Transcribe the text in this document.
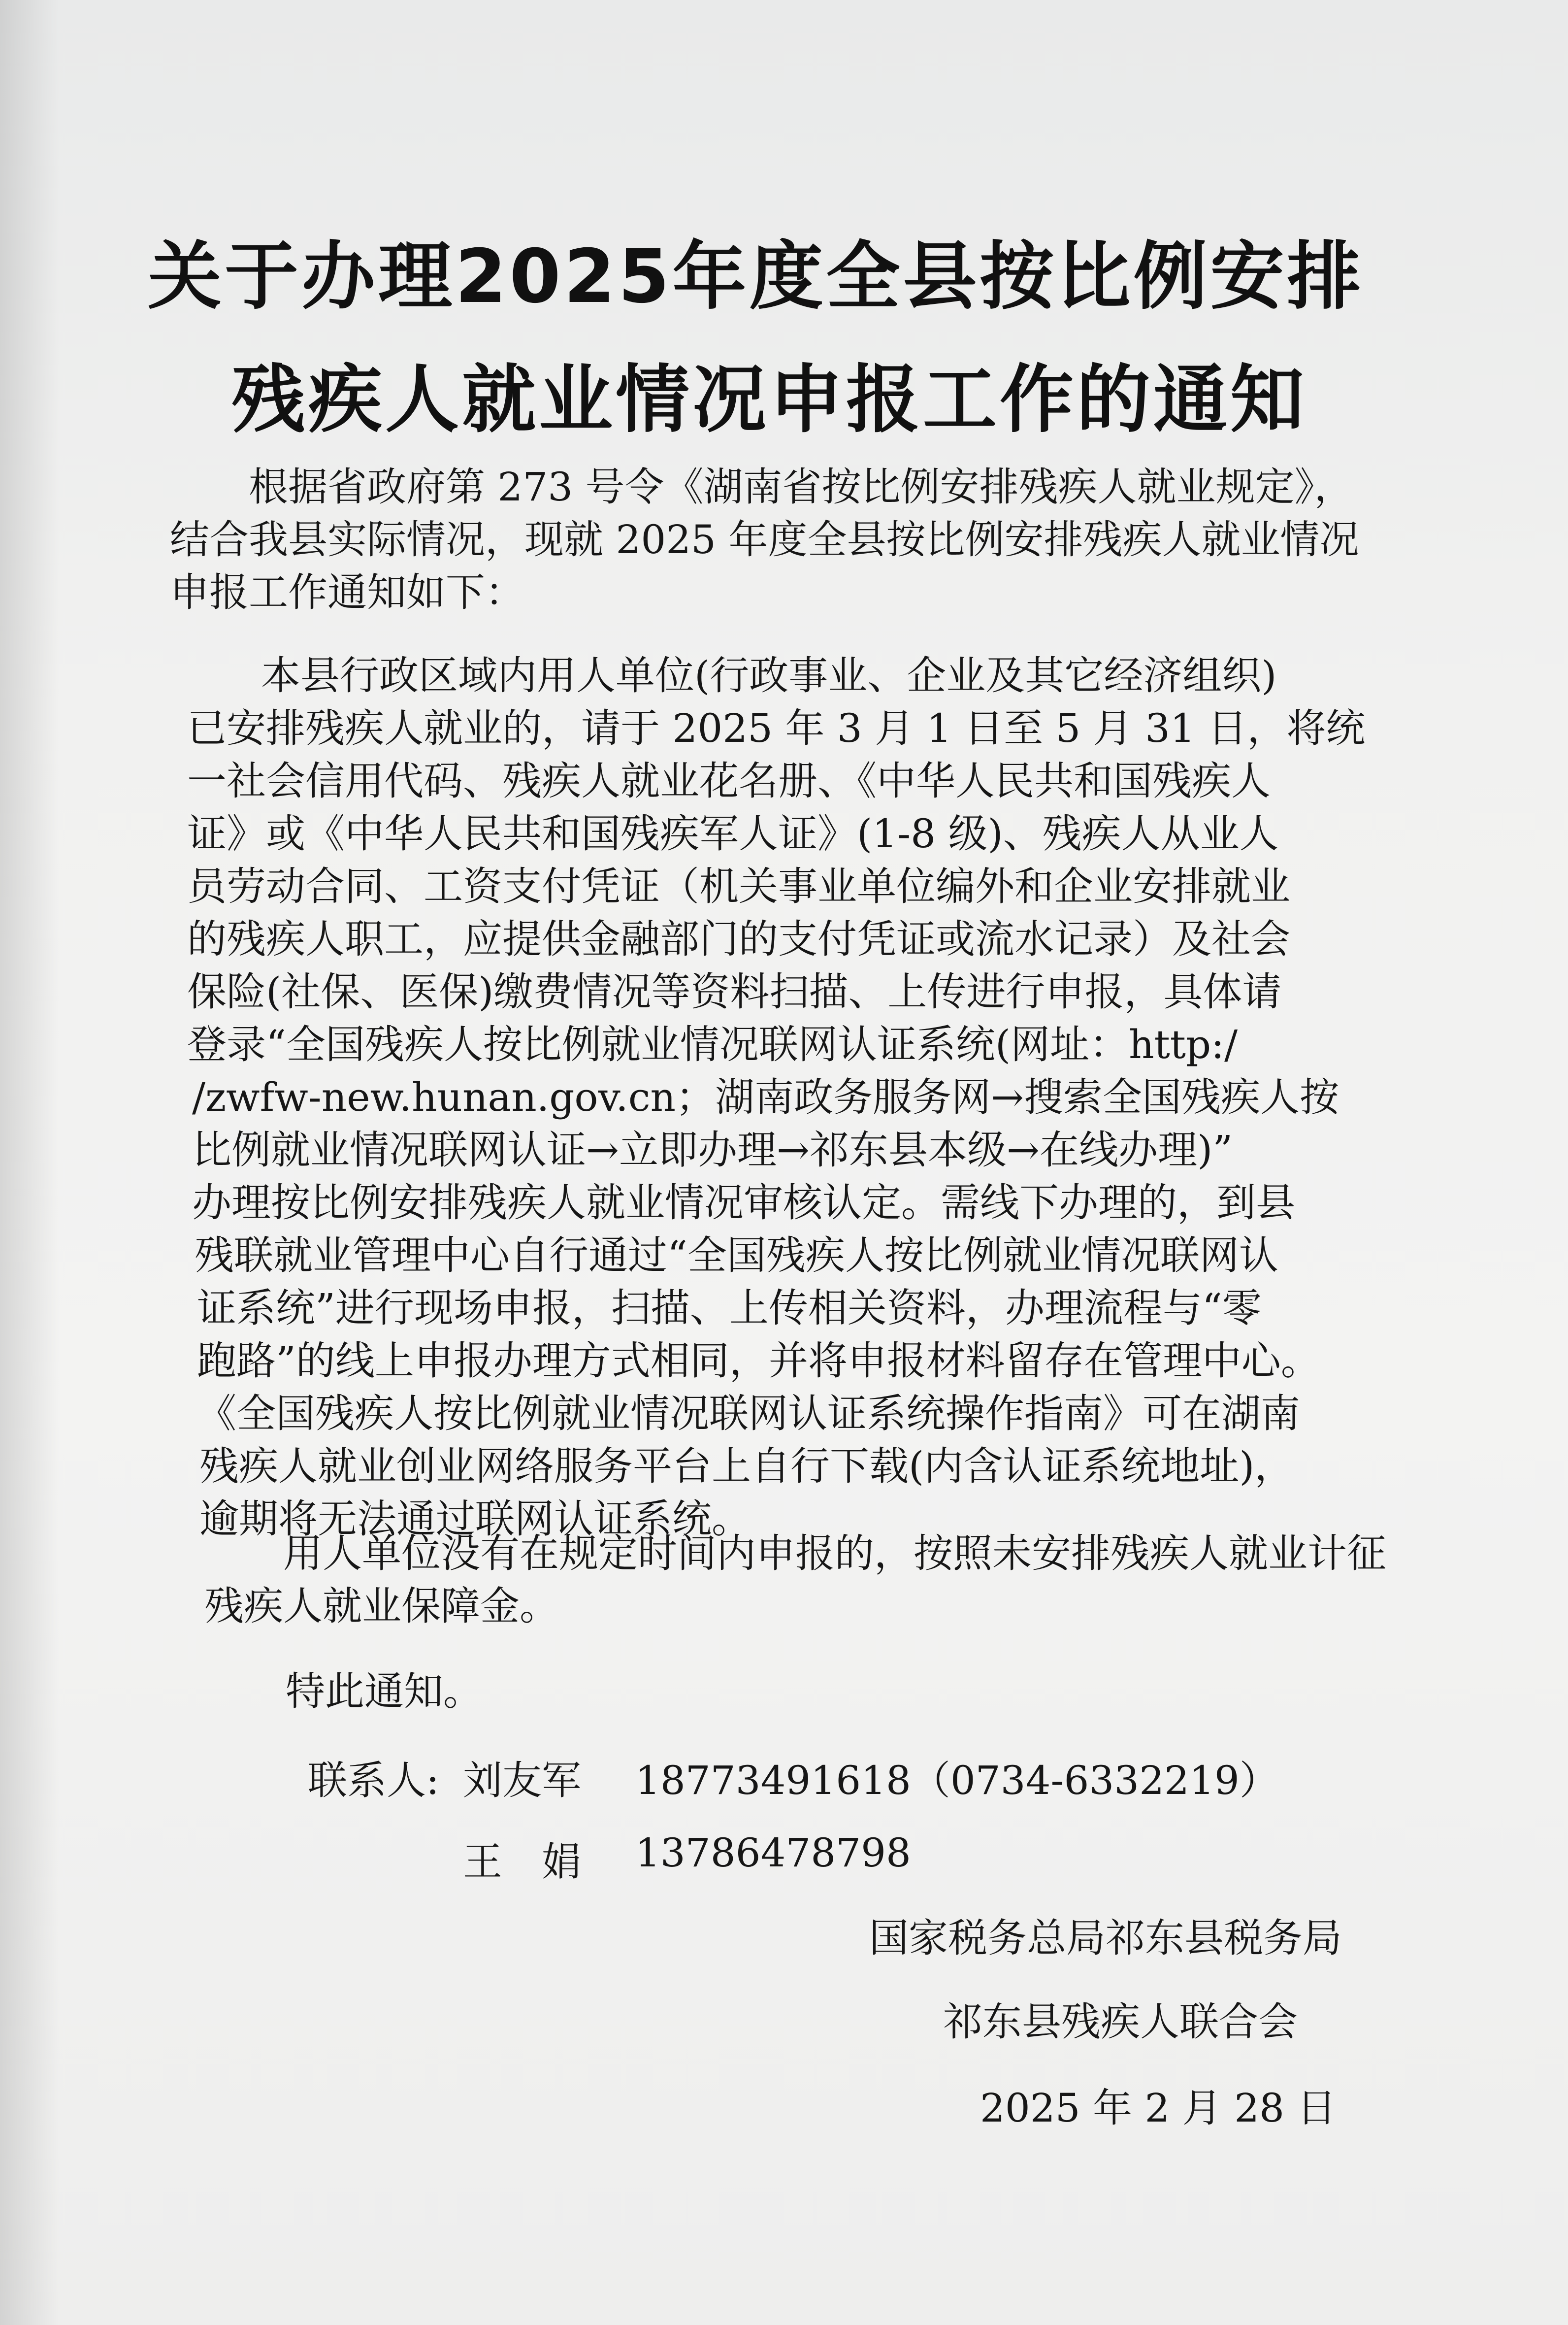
关于办理2025年度全县按比例安排
残疾人就业情况申报工作的通知
根据省政府第 273 号令《湖南省按比例安排残疾人就业规定》，
结合我县实际情况，现就 2025 年度全县按比例安排残疾人就业情况
申报工作通知如下：
本县行政区域内用人单位(行政事业、企业及其它经济组织)
已安排残疾人就业的，请于 2025 年 3 月 1 日至 5 月 31 日，将统
一社会信用代码、残疾人就业花名册、《中华人民共和国残疾人
证》或《中华人民共和国残疾军人证》(1-8 级)、残疾人从业人
员劳动合同、工资支付凭证（机关事业单位编外和企业安排就业
的残疾人职工，应提供金融部门的支付凭证或流水记录）及社会
保险(社保、医保)缴费情况等资料扫描、上传进行申报，具体请
登录“全国残疾人按比例就业情况联网认证系统(网址：http:/
/zwfw-new.hunan.gov.cn；湖南政务服务网→搜索全国残疾人按
比例就业情况联网认证→立即办理→祁东县本级→在线办理)”
办理按比例安排残疾人就业情况审核认定。需线下办理的，到县
残联就业管理中心自行通过“全国残疾人按比例就业情况联网认
证系统”进行现场申报，扫描、上传相关资料，办理流程与“零
跑路”的线上申报办理方式相同，并将申报材料留存在管理中心。
《全国残疾人按比例就业情况联网认证系统操作指南》可在湖南
残疾人就业创业网络服务平台上自行下载(内含认证系统地址)，
逾期将无法通过联网认证系统。
用人单位没有在规定时间内申报的，按照未安排残疾人就业计征
残疾人就业保障金。
特此通知。
联系人: 刘友军 18773491618（0734-6332219）
王　娟 13786478798
国家税务总局祁东县税务局
祁东县残疾人联合会
2025 年 2 月 28 日
